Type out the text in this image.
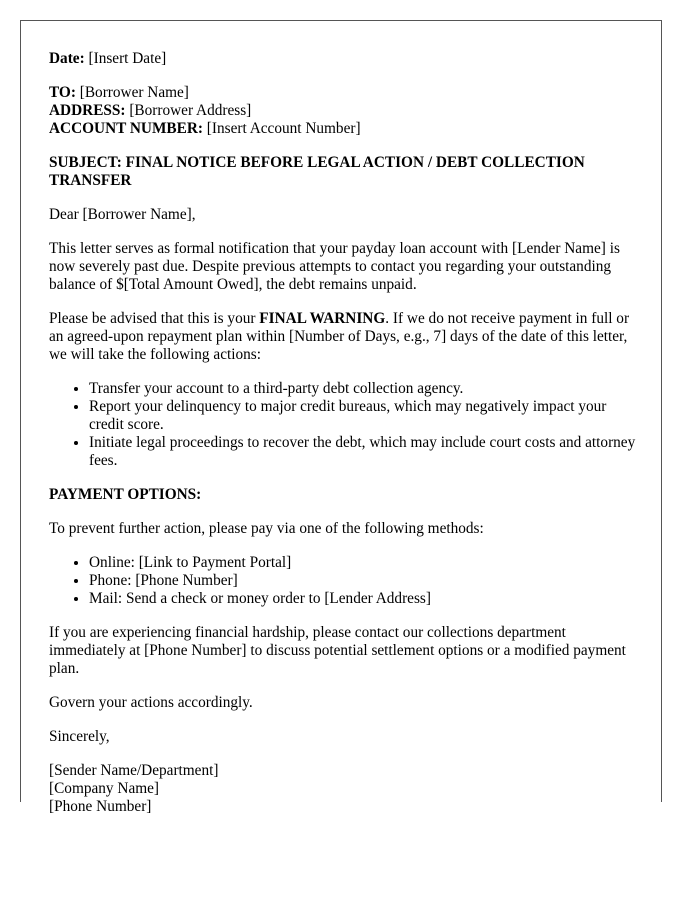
Date: [Insert Date]

TO: [Borrower Name]
ADDRESS: [Borrower Address]
ACCOUNT NUMBER: [Insert Account Number]

SUBJECT: FINAL NOTICE BEFORE LEGAL ACTION / DEBT COLLECTION TRANSFER

Dear [Borrower Name],

This letter serves as formal notification that your payday loan account with [Lender Name] is now severely past due. Despite previous attempts to contact you regarding your outstanding balance of $[Total Amount Owed], the debt remains unpaid.

Please be advised that this is your FINAL WARNING. If we do not receive payment in full or an agreed-upon repayment plan within [Number of Days, e.g., 7] days of the date of this letter, we will take the following actions:

• Transfer your account to a third-party debt collection agency.
• Report your delinquency to major credit bureaus, which may negatively impact your credit score.
• Initiate legal proceedings to recover the debt, which may include court costs and attorney fees.

PAYMENT OPTIONS:

To prevent further action, please pay via one of the following methods:

• Online: [Link to Payment Portal]
• Phone: [Phone Number]
• Mail: Send a check or money order to [Lender Address]

If you are experiencing financial hardship, please contact our collections department immediately at [Phone Number] to discuss potential settlement options or a modified payment plan.

Govern your actions accordingly.

Sincerely,

[Sender Name/Department]
[Company Name]
[Phone Number]
